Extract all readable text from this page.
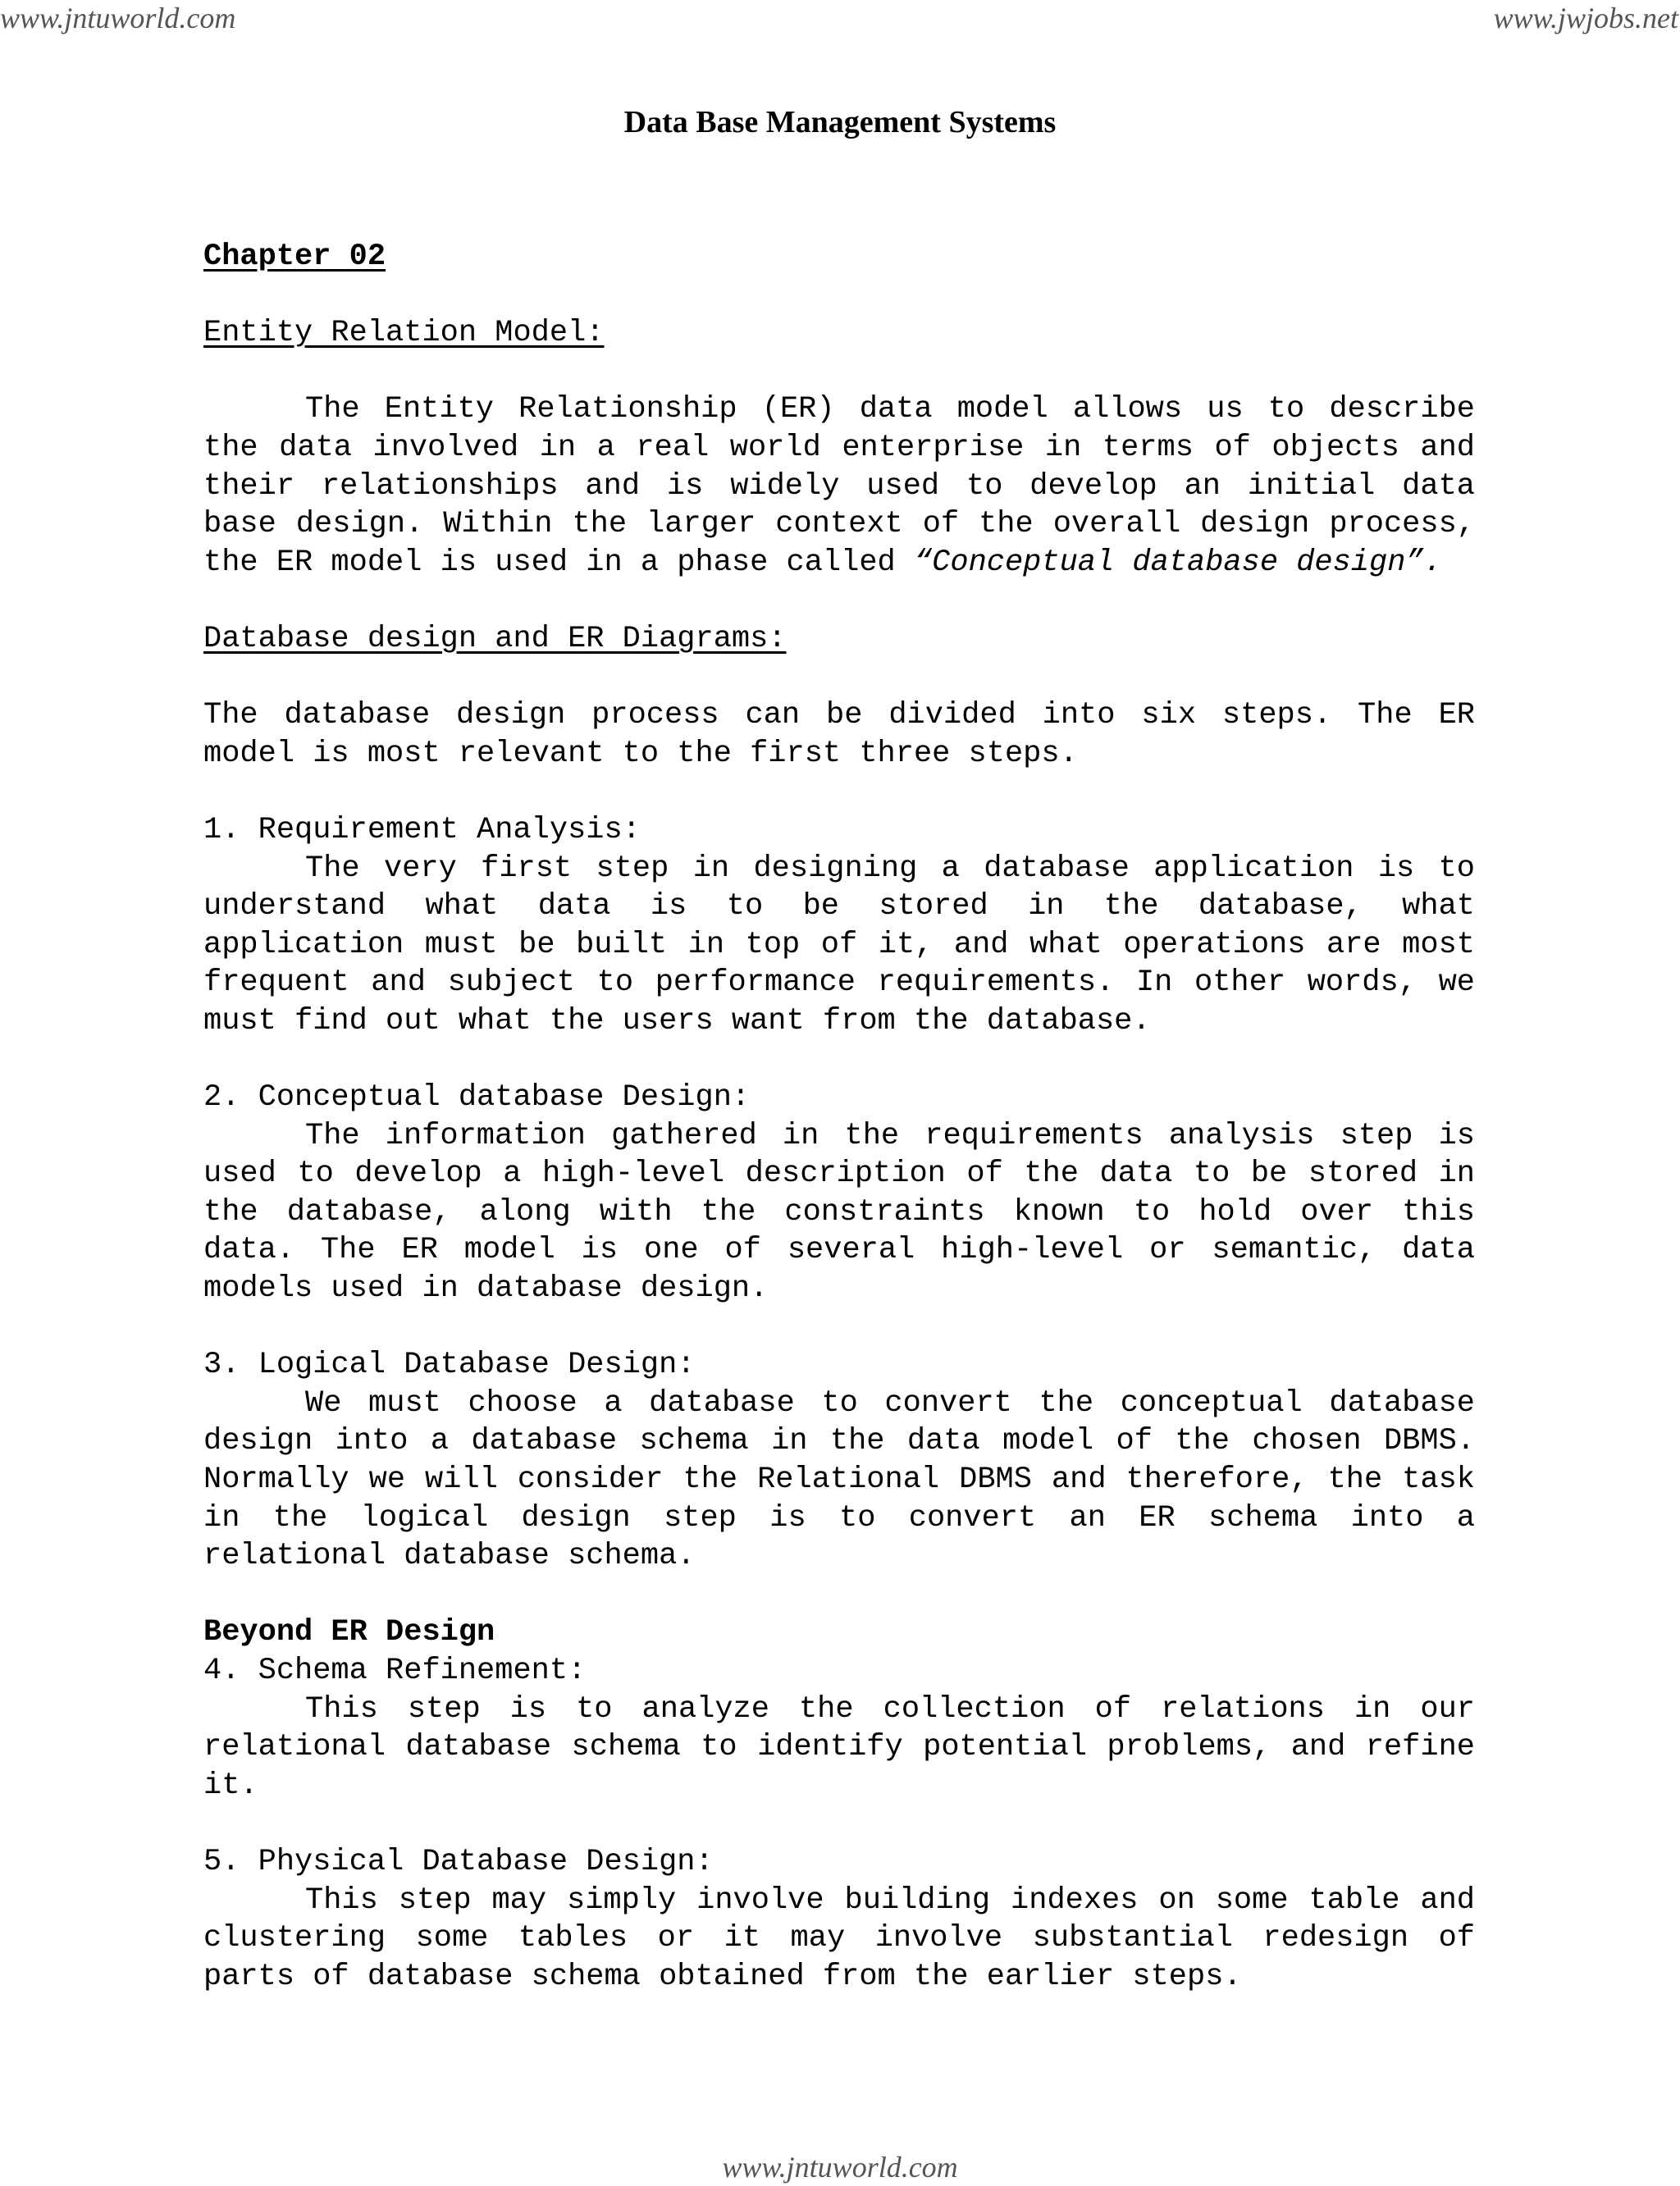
www.jntuworld.com	www.jwjobs.net
Data Base Management Systems

Chapter 02

Entity Relation Model:

The Entity Relationship (ER) data model allows us to describe the data involved in a real world enterprise in terms of objects and their relationships and is widely used to develop an initial data base design. Within the larger context of the overall design process, the ER model is used in a phase called “Conceptual database design”.

Database design and ER Diagrams:

The database design process can be divided into six steps. The ER model is most relevant to the first three steps.

1. Requirement Analysis:

The very first step in designing a database application is to understand what data is to be stored in the database, what application must be built in top of it, and what operations are most frequent and subject to performance requirements. In other words, we must find out what the users want from the database.

2. Conceptual database Design:

The information gathered in the requirements analysis step is used to develop a high-level description of the data to be stored in the database, along with the constraints known to hold over this data. The ER model is one of several high-level or semantic, data models used in database design.

3. Logical Database Design:

We must choose a database to convert the conceptual database design into a database schema in the data model of the chosen DBMS. Normally we will consider the Relational DBMS and therefore, the task in the logical design step is to convert an ER schema into a relational database schema.

Beyond ER Design

4. Schema Refinement:

This step is to analyze the collection of relations in our relational database schema to identify potential problems, and refine it.

5. Physical Database Design:

This step may simply involve building indexes on some table and clustering some tables or it may involve substantial redesign of parts of database schema obtained from the earlier steps.

www.jntuworld.com
